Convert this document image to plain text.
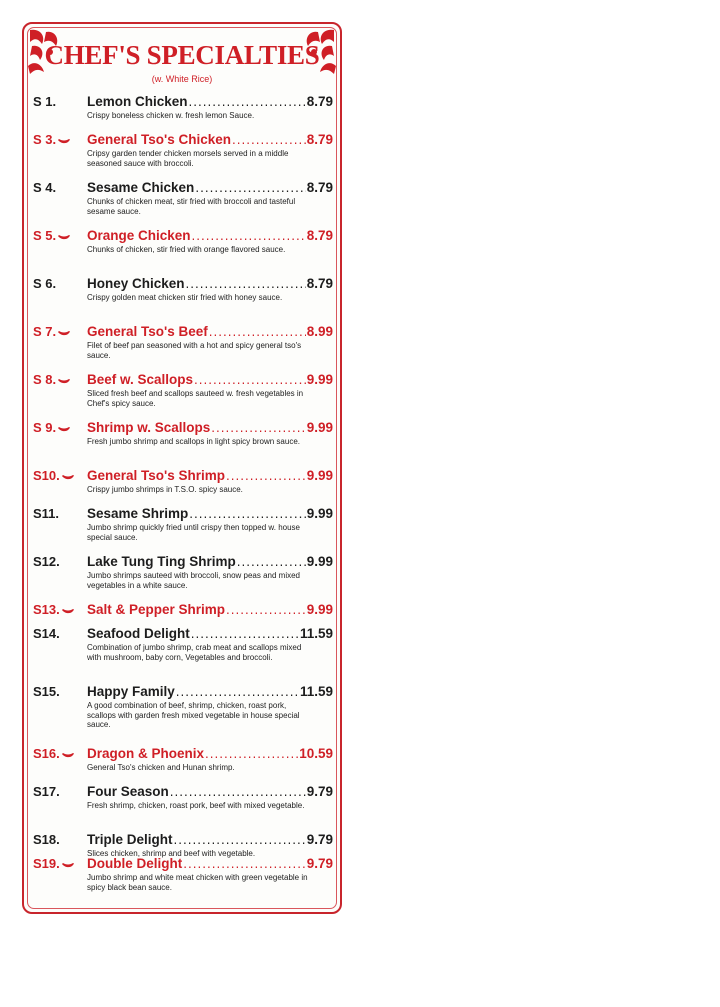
CHEF'S SPECIALTIES
(w. White Rice)
S 1. Lemon Chicken .....	8.79
Crispy boneless chicken w. fresh lemon Sauce.
S 3.	General Tso's Chicken .....	8.79
Cripsy garden tender chicken morsels served in a middle seasoned sauce with broccoli.
S 4. Sesame Chicken .....	8.79
Chunks of chicken meat, stir fried with broccoli and tasteful sesame sauce.
S 5.	Orange Chicken .....	8.79
Chunks of chicken, stir fried with orange flavored sauce.
S 6. Honey Chicken .....	8.79
Crispy golden meat chicken stir fried with honey sauce.
S 7.	General Tso's Beef .....	8.99
Filet of beef pan seasoned with a hot and spicy general tso's sauce.
S 8.	Beef w. Scallops .....	9.99
Sliced fresh beef and scallops sauteed w. fresh vegetables in Chef's spicy sauce.
S 9.	Shrimp w. Scallops .....	9.99
Fresh jumbo shrimp and scallops in light spicy brown sauce.
S10.	General Tso's Shrimp .....	9.99
Crispy jumbo shrimps in T.S.O. spicy sauce.
S11. Sesame Shrimp .....	9.99
Jumbo shrimp quickly fried until crispy then topped w. house special sauce.
S12. Lake Tung Ting Shrimp .....	9.99
Jumbo shrimps sauteed with broccoli, snow peas and mixed vegetables in a white sauce.
S13.	Salt & Pepper Shrimp .....	9.99
S14. Seafood Delight .....	11.59
Combination of jumbo shrimp, crab meat and scallops mixed with mushroom, baby corn, Vegetables and broccoli.
S15. Happy Family .....	11.59
A good combination of beef, shrimp, chicken, roast pork, scallops with garden fresh mixed vegetable in house special sauce.
S16.	Dragon & Phoenix .....	10.59
General Tso's chicken and Hunan shrimp.
S17. Four Season .....	9.79
Fresh shrimp, chicken, roast pork, beef with mixed vegetable.
S18. Triple Delight .....	9.79
Slices chicken, shrimp and beef with vegetable.
S19.	Double Delight .....	9.79
Jumbo shrimp and white meat chicken with green vegetable in spicy black bean sauce.
